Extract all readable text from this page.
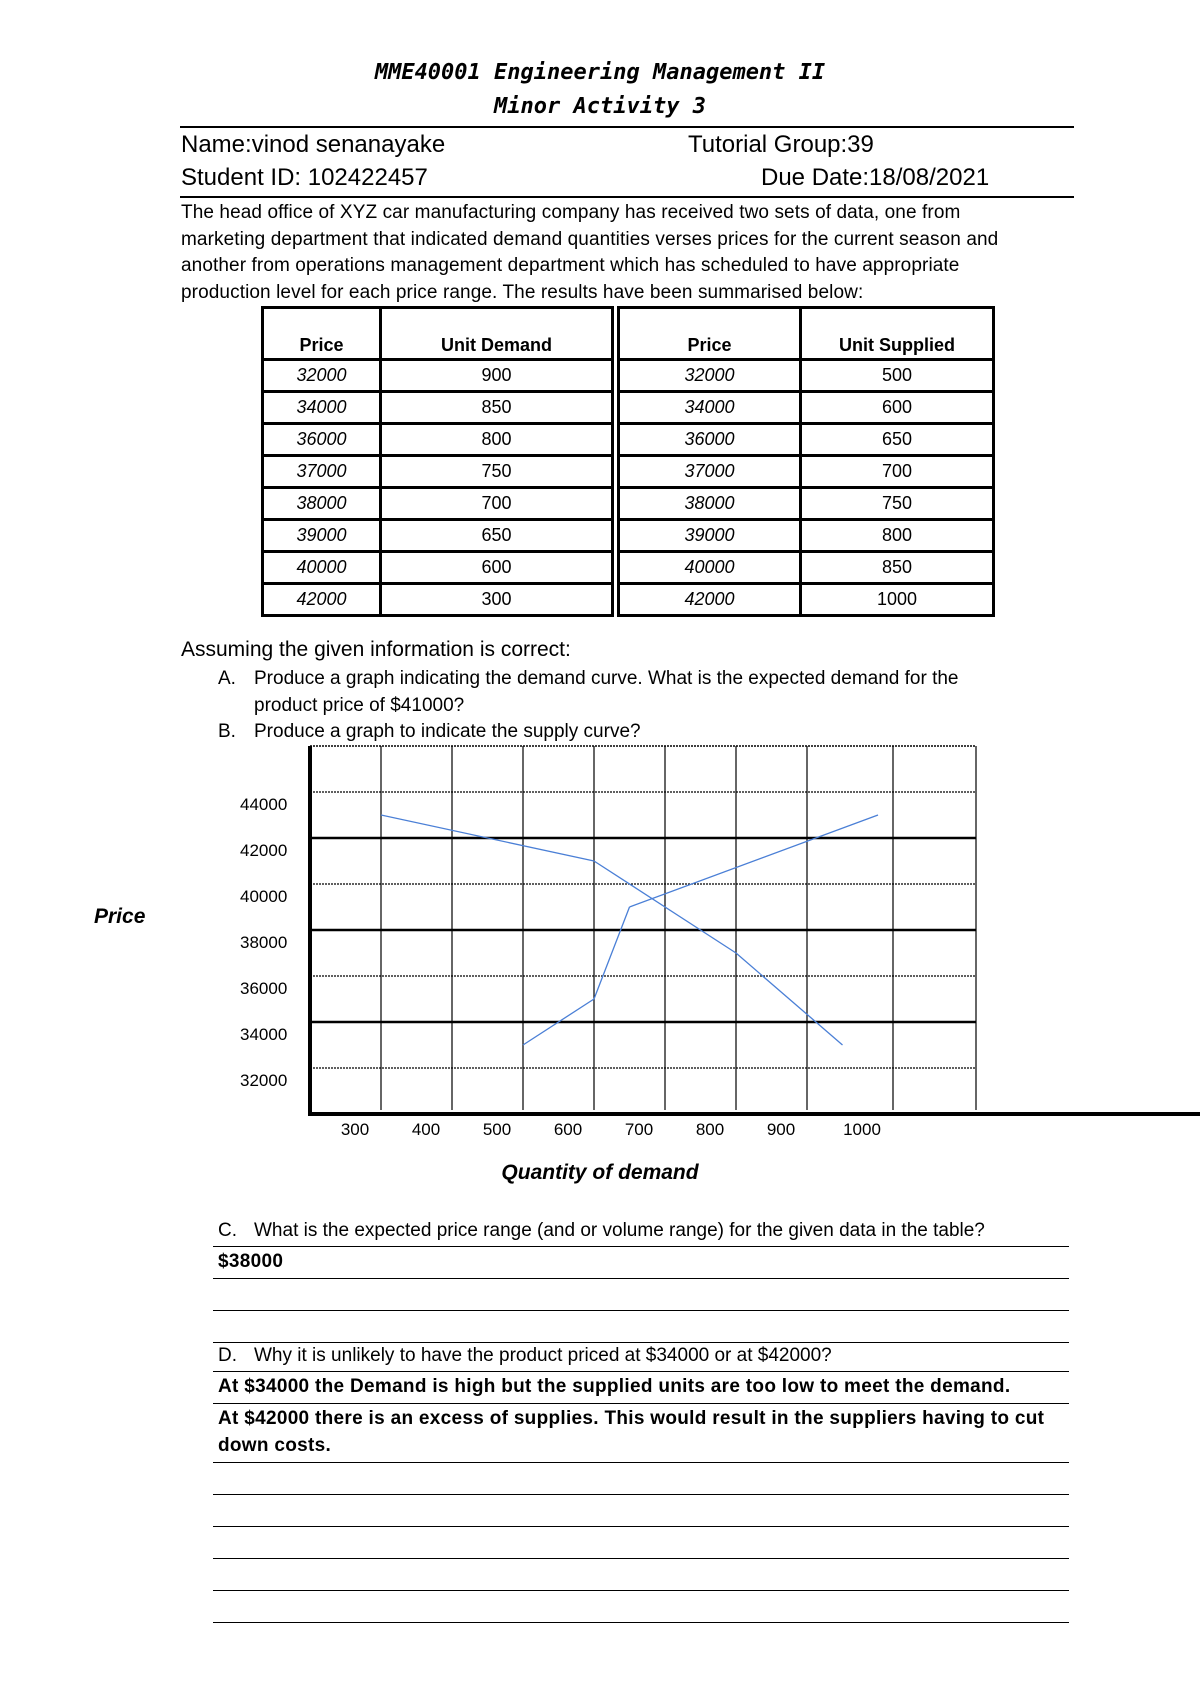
MME40001 Engineering Management II
Minor Activity 3
Name:vinod senanayake	Tutorial Group:39
Student ID: 102422457	Due Date:18/08/2021
The head office of XYZ car manufacturing company has received two sets of data, one from
marketing department that indicated demand quantities verses prices for the current season and
another from operations management department which has scheduled to have appropriate
production level for each price range. The results have been summarised below:
Price	Unit Demand		Price	Unit Supplied
32000	900		32000	500
34000	850		34000	600
36000	800		36000	650
37000	750		37000	700
38000	700		38000	750
39000	650		39000	800
40000	600		40000	850
42000	300		42000	1000
Assuming the given information is correct:
A. Produce a graph indicating the demand curve. What is the expected demand for the
product price of $41000?
B. Produce a graph to indicate the supply curve?
Price
44000
42000
40000
38000
36000
34000
32000
300	400	500	600	700	800	900	1000
Quantity of demand
C. What is the expected price range (and or volume range) for the given data in the table?
$38000
D. Why it is unlikely to have the product priced at $34000 or at $42000?
At $34000 the Demand is high but the supplied units are too low to meet the demand.
At $42000 there is an excess of supplies. This would result in the suppliers having to cut
down costs.
